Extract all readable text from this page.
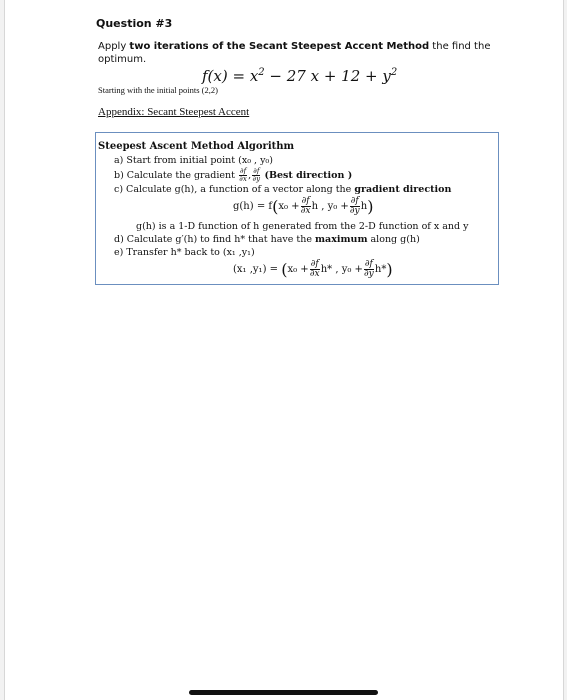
Question #3
Apply two iterations of the Secant Steepest Accent Method the find the
optimum.
$f(x) = x^2 - 27$ $x + 12 + y^2$
Starting with the initial points (2,2)
Appendix: Secant Steepest Accent
Steepest Ascent Method Algorithm
a) Start from initial point (x₀ , y₀)
b) Calculate the gradient $\frac{\partial f}{\partial x}$ , $\frac{\partial f}{\partial y}$ (Best direction )
c) Calculate g(h), a function of a vector along the gradient direction
$g(h) = f(x_0 + \frac{\partial f}{\partial x}$ h , $y_0 + \frac{\partial f}{\partial y} h$)
g(h) is a 1-D function of h generated from the 2-D function of x and y
d) Calculate g′(h) to find h* that have the maximum along g(h)
e) Transfer h* back to (x₁ ,y₁)
(x₁ $,y_1) = (x_0 + \frac{\partial f}{\partial x} h*$ , $y_0 + \frac{\partial f}{\partial y} h*$)
